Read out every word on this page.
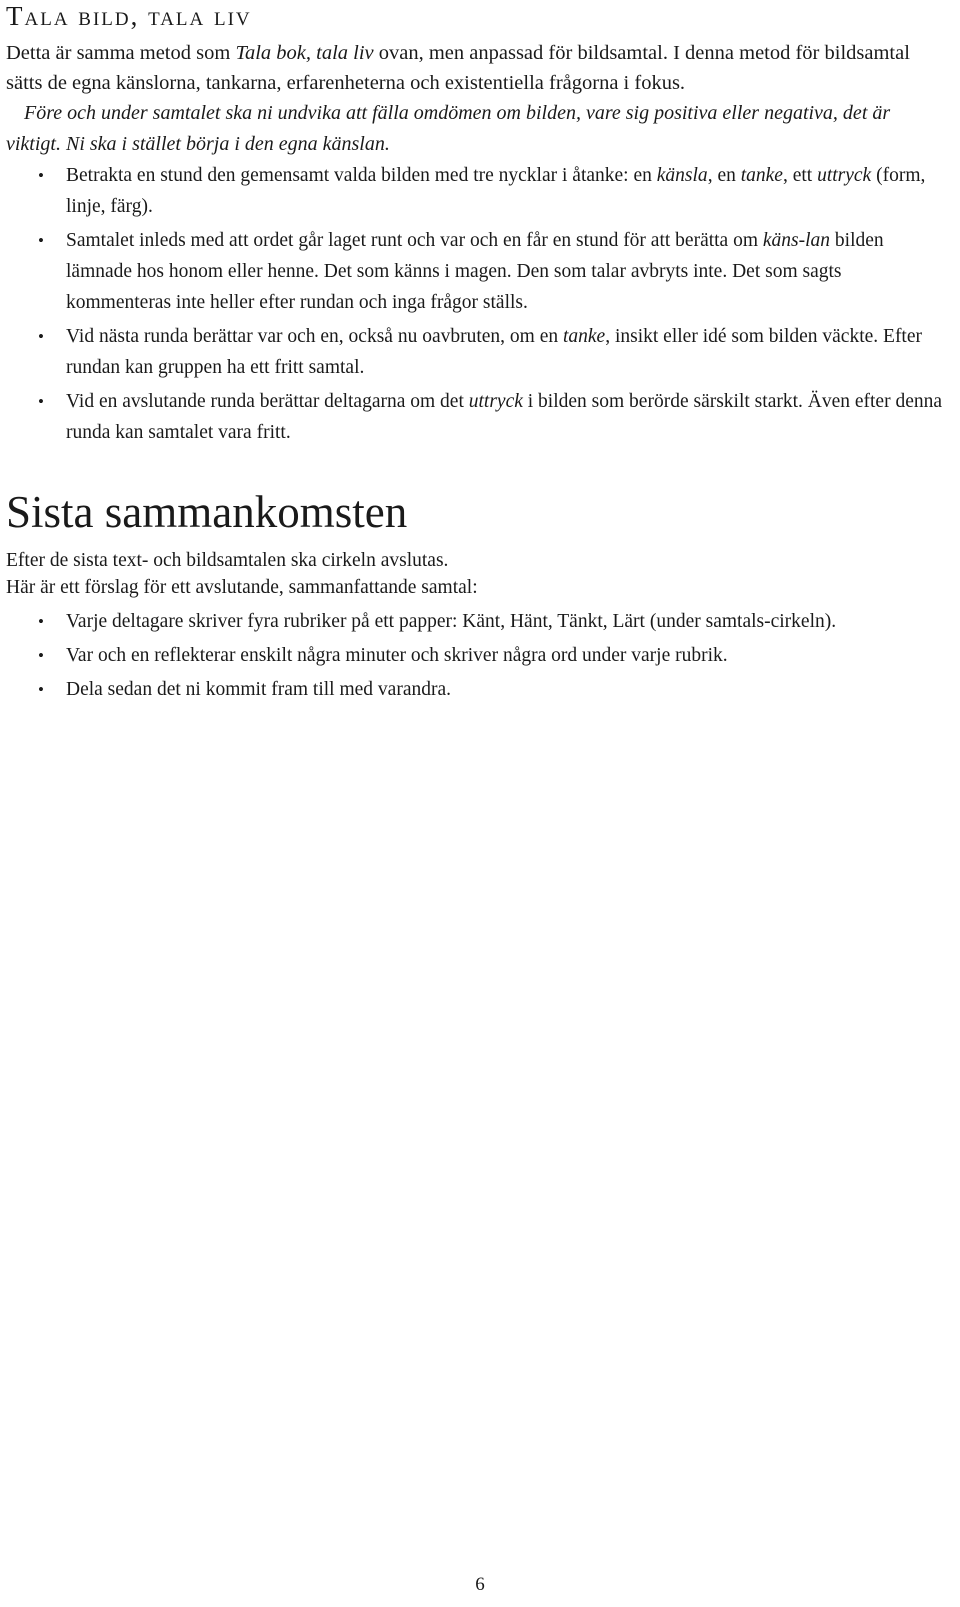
Tala bild, tala liv

Detta är samma metod som Tala bok, tala liv ovan, men anpassad för bildsamtal. I denna metod för bildsamtal sätts de egna känslorna, tankarna, erfarenheterna och existentiella frågorna i fokus.

Före och under samtalet ska ni undvika att fälla omdömen om bilden, vare sig positiva eller negativa, det är viktigt. Ni ska i stället börja i den egna känslan.

• Betrakta en stund den gemensamt valda bilden med tre nycklar i åtanke: en känsla, en tanke, ett uttryck (form, linje, färg).
• Samtalet inleds med att ordet går laget runt och var och en får en stund för att berätta om käns-lan bilden lämnade hos honom eller henne. Det som känns i magen. Den som talar avbryts inte. Det som sagts kommenteras inte heller efter rundan och inga frågor ställs.
• Vid nästa runda berättar var och en, också nu oavbruten, om en tanke, insikt eller idé som bilden väckte. Efter rundan kan gruppen ha ett fritt samtal.
• Vid en avslutande runda berättar deltagarna om det uttryck i bilden som berörde särskilt starkt. Även efter denna runda kan samtalet vara fritt.
Sista sammankomsten

Efter de sista text- och bildsamtalen ska cirkeln avslutas.
Här är ett förslag för ett avslutande, sammanfattande samtal:

• Varje deltagare skriver fyra rubriker på ett papper: Känt, Hänt, Tänkt, Lärt (under samtals-cirkeln).
• Var och en reflekterar enskilt några minuter och skriver några ord under varje rubrik.
• Dela sedan det ni kommit fram till med varandra.
6
